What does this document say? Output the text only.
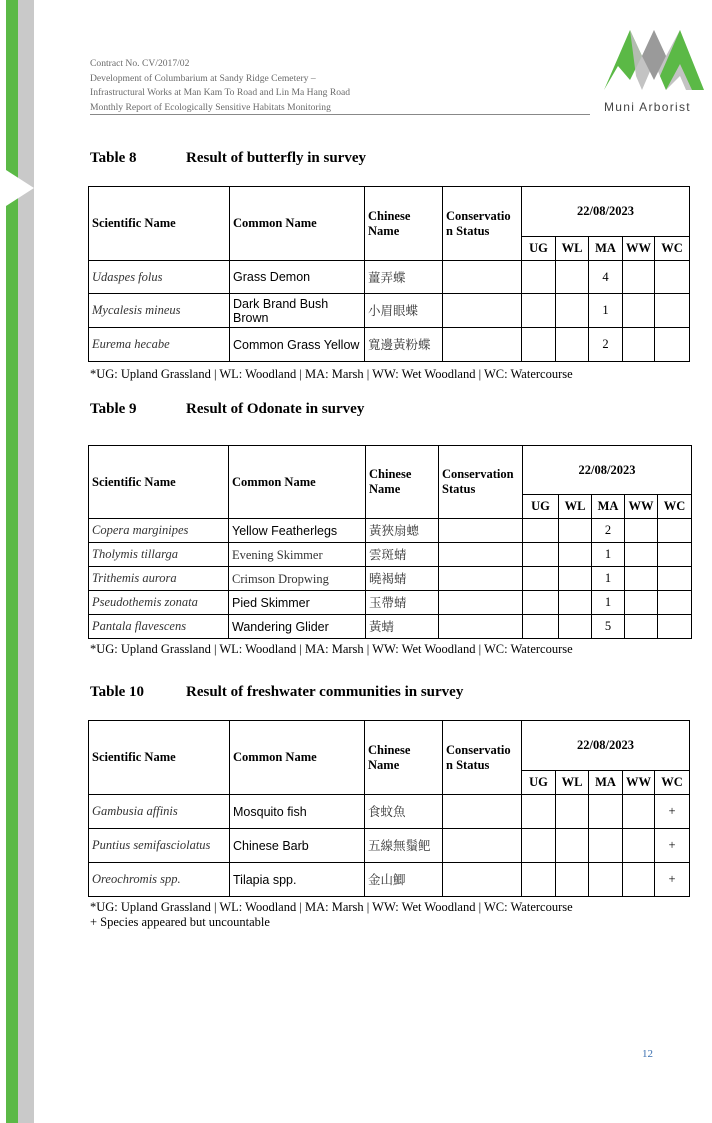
Contract No. CV/2017/02
Development of Columbarium at Sandy Ridge Cemetery –
Infrastructural Works at Man Kam To Road and Lin Ma Hang Road
Monthly Report of Ecologically Sensitive Habitats Monitoring	Muni Arborist
Table 8	Result of butterfly in survey
Scientific Name	Common Name	Chinese Name	Conservatio n Status	22/08/2023				
				UG	WL	MA	WW	WC
Udaspes folus	Grass Demon	薑弄蝶				4		
Mycalesis mineus	Dark Brand Bush Brown	小眉眼蝶				1		
Eurema hecabe	Common Grass Yellow	寬邊黃粉蝶				2		
*UG: Upland Grassland | WL: Woodland | MA: Marsh | WW: Wet Woodland | WC: Watercourse
Table 9	Result of Odonate in survey
Scientific Name	Common Name	Chinese Name	Conservation Status	22/08/2023				
				UG	WL	MA	WW	WC
Copera marginipes	Yellow Featherlegs	黃狹扇蟌				2		
Tholymis tillarga	Evening Skimmer	雲斑蜻				1		
Trithemis aurora	Crimson Dropwing	曉褐蜻				1		
Pseudothemis zonata	Pied Skimmer	玉帶蜻				1		
Pantala flavescens	Wandering Glider	黃蜻				5		
*UG: Upland Grassland | WL: Woodland | MA: Marsh | WW: Wet Woodland | WC: Watercourse
Table 10	Result of freshwater communities in survey
Scientific Name	Common Name	Chinese Name	Conservatio n Status	22/08/2023				
				UG	WL	MA	WW	WC
Gambusia affinis	Mosquito fish	食蚊魚						+
Puntius semifasciolatus	Chinese Barb	五線無鬚鲃						+
Oreochromis spp.	Tilapia spp.	金山鯽						+
*UG: Upland Grassland | WL: Woodland | MA: Marsh | WW: Wet Woodland | WC: Watercourse
+ Species appeared but uncountable
12
